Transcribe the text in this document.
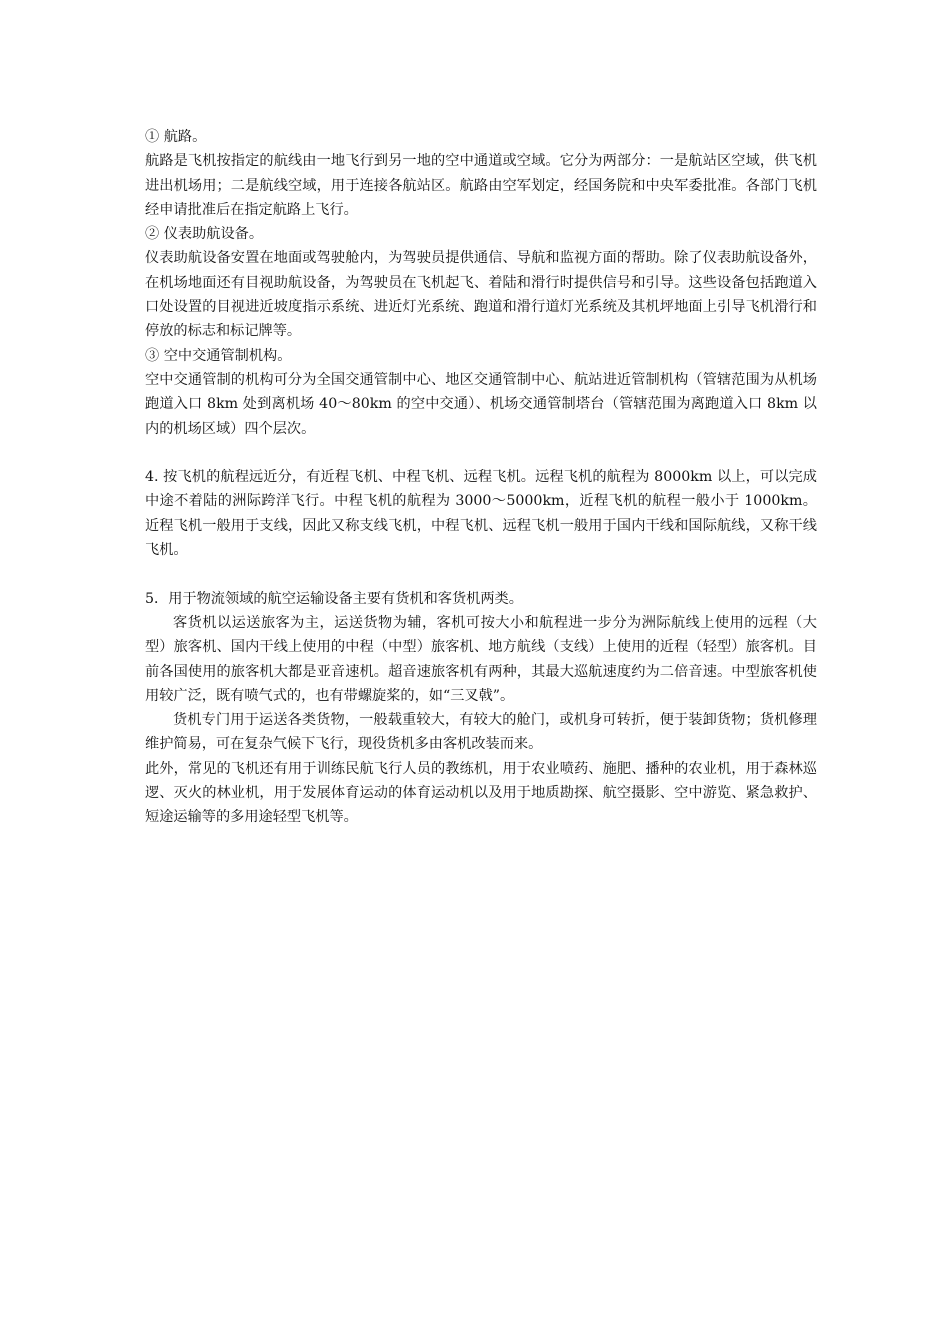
① 航路。

航路是飞机按指定的航线由一地飞行到另一地的空中通道或空域。它分为两部分：一是航站区空域，供飞机进出机场用；二是航线空域，用于连接各航站区。航路由空军划定，经国务院和中央军委批准。各部门飞机经申请批准后在指定航路上飞行。

② 仪表助航设备。

仪表助航设备安置在地面或驾驶舱内，为驾驶员提供通信、导航和监视方面的帮助。除了仪表助航设备外，在机场地面还有目视助航设备，为驾驶员在飞机起飞、着陆和滑行时提供信号和引导。这些设备包括跑道入口处设置的目视进近坡度指示系统、进近灯光系统、跑道和滑行道灯光系统及其机坪地面上引导飞机滑行和停放的标志和标记牌等。

③ 空中交通管制机构。

空中交通管制的机构可分为全国交通管制中心、地区交通管制中心、航站进近管制机构（管辖范围为从机场跑道入口 8km 处到离机场 40～80km 的空中交通）、机场交通管制塔台（管辖范围为离跑道入口 8km 以内的机场区域）四个层次。

4. 按飞机的航程远近分，有近程飞机、中程飞机、远程飞机。远程飞机的航程为 8000km 以上，可以完成中途不着陆的洲际跨洋飞行。中程飞机的航程为 3000～5000km，近程飞机的航程一般小于 1000km。近程飞机一般用于支线，因此又称支线飞机，中程飞机、远程飞机一般用于国内干线和国际航线，又称干线飞机。

5．用于物流领域的航空运输设备主要有货机和客货机两类。

客货机以运送旅客为主，运送货物为辅，客机可按大小和航程进一步分为洲际航线上使用的远程（大型）旅客机、国内干线上使用的中程（中型）旅客机、地方航线（支线）上使用的近程（轻型）旅客机。目前各国使用的旅客机大都是亚音速机。超音速旅客机有两种，其最大巡航速度约为二倍音速。中型旅客机使用较广泛，既有喷气式的，也有带螺旋桨的，如“三叉戟”。

货机专门用于运送各类货物，一般载重较大，有较大的舱门，或机身可转折，便于装卸货物；货机修理维护简易，可在复杂气候下飞行，现役货机多由客机改装而来。

此外，常见的飞机还有用于训练民航飞行人员的教练机，用于农业喷药、施肥、播种的农业机，用于森林巡逻、灭火的林业机，用于发展体育运动的体育运动机以及用于地质勘探、航空摄影、空中游览、紧急救护、短途运输等的多用途轻型飞机等。
